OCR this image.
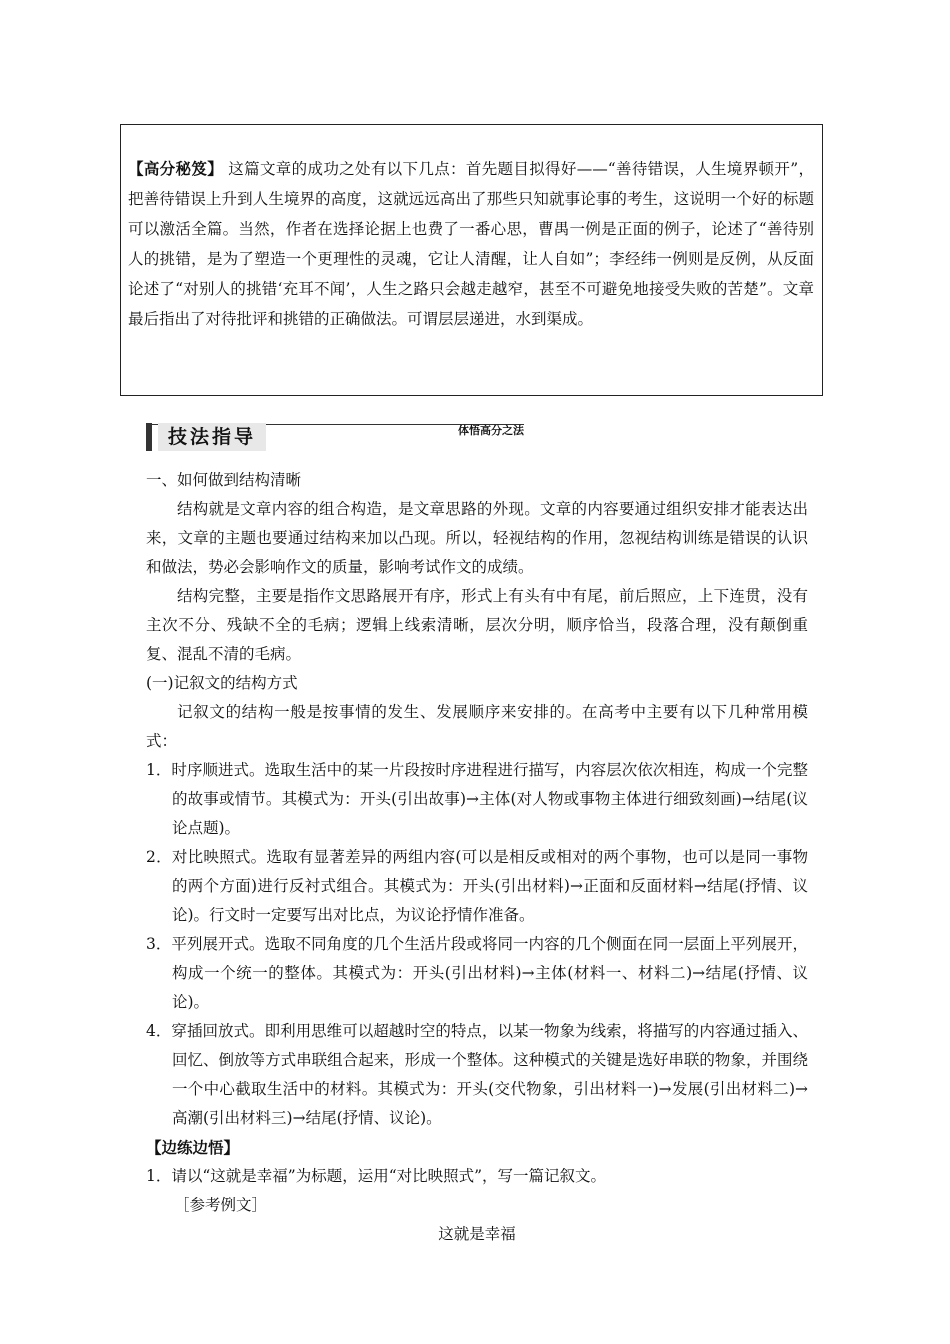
【高分秘笈】 这篇文章的成功之处有以下几点：首先题目拟得好——“善待错误，人生境界顿开”，把善待错误上升到人生境界的高度，这就远远高出了那些只知就事论事的考生，这说明一个好的标题可以激活全篇。当然，作者在选择论据上也费了一番心思，曹禺一例是正面的例子，论述了“善待别人的挑错，是为了塑造一个更理性的灵魂，它让人清醒，让人自如”；李经纬一例则是反例，从反面论述了“对别人的挑错‘充耳不闻’，人生之路只会越走越窄，甚至不可避免地接受失败的苦楚”。文章最后指出了对待批评和挑错的正确做法。可谓层层递进，水到渠成。
技法指导	体悟高分之法

一、如何做到结构清晰

结构就是文章内容的组合构造，是文章思路的外现。文章的内容要通过组织安排才能表达出来，文章的主题也要通过结构来加以凸现。所以，轻视结构的作用，忽视结构训练是错误的认识和做法，势必会影响作文的质量，影响考试作文的成绩。

结构完整，主要是指作文思路展开有序，形式上有头有中有尾，前后照应，上下连贯，没有主次不分、残缺不全的毛病；逻辑上线索清晰，层次分明，顺序恰当，段落合理，没有颠倒重复、混乱不清的毛病。

(一)记叙文的结构方式

记叙文的结构一般是按事情的发生、发展顺序来安排的。在高考中主要有以下几种常用模式：

1．时序顺进式。选取生活中的某一片段按时序进程进行描写，内容层次依次相连，构成一个完整的故事或情节。其模式为：开头(引出故事)→主体(对人物或事物主体进行细致刻画)→结尾(议论点题)。

2．对比映照式。选取有显著差异的两组内容(可以是相反或相对的两个事物，也可以是同一事物的两个方面)进行反衬式组合。其模式为：开头(引出材料)→正面和反面材料→结尾(抒情、议论)。行文时一定要写出对比点，为议论抒情作准备。

3．平列展开式。选取不同角度的几个生活片段或将同一内容的几个侧面在同一层面上平列展开，构成一个统一的整体。其模式为：开头(引出材料)→主体(材料一、材料二)→结尾(抒情、议论)。

4．穿插回放式。即利用思维可以超越时空的特点，以某一物象为线索，将描写的内容通过插入、回忆、倒放等方式串联组合起来，形成一个整体。这种模式的关键是选好串联的物象，并围绕一个中心截取生活中的材料。其模式为：开头(交代物象，引出材料一)→发展(引出材料二)→高潮(引出材料三)→结尾(抒情、议论)。

【边练边悟】

1．请以“这就是幸福”为标题，运用“对比映照式”，写一篇记叙文。

［参考例文］

这就是幸福
